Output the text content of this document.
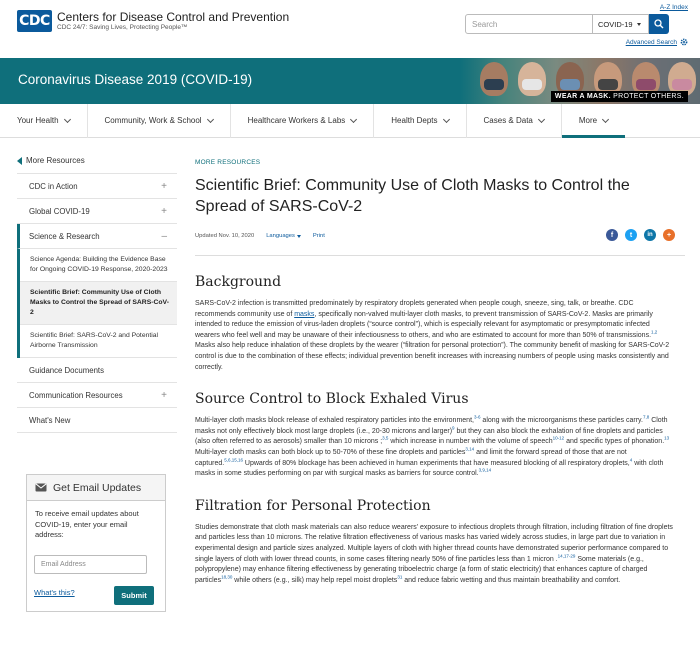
CDC Centers for Disease Control and Prevention
CDC 24/7: Saving Lives, Protecting People™
A-Z Index
Search	COVID-19
Advanced Search
Coronavirus Disease 2019 (COVID-19)
WEAR A MASK. PROTECT OTHERS.
Your Health	Community, Work & School	Healthcare Workers & Labs	Health Depts	Cases & Data	More
More Resources
CDC in Action	+
Global COVID-19	+
Science & Research	–
Science Agenda: Building the Evidence Base for Ongoing COVID-19 Response, 2020-2023
Scientific Brief: Community Use of Cloth Masks to Control the Spread of SARS-CoV-2
Scientific Brief: SARS-CoV-2 and Potential Airborne Transmission
Guidance Documents
Communication Resources	+
What's New
Get Email Updates
To receive email updates about COVID-19, enter your email address:
Email Address
What's this?	Submit
MORE RESOURCES
Scientific Brief: Community Use of Cloth Masks to Control the Spread of SARS-CoV-2
Updated Nov. 10, 2020 Languages	Print	f	t	in	+
Background

SARS-CoV-2 infection is transmitted predominately by respiratory droplets generated when people cough, sneeze, sing, talk, or breathe. CDC recommends community use of masks, specifically non-valved multi-layer cloth masks, to prevent transmission of SARS-CoV-2. Masks are primarily intended to reduce the emission of virus-laden droplets (“source control”), which is especially relevant for asymptomatic or presymptomatic infected wearers who feel well and may be unaware of their infectiousness to others, and who are estimated to account for more than 50% of transmissions.$^{1,2}$ Masks also help reduce inhalation of these droplets by the wearer (“filtration for personal protection”). The community benefit of masking for SARS-CoV-2 control is due to the combination of these effects; individual prevention benefit increases with increasing numbers of people using masks consistently and correctly.

Source Control to Block Exhaled Virus

Multi-layer cloth masks block release of exhaled respiratory particles into the environment,$^{3-6}$ along with the microorganisms these particles carry.$^{7,8}$ Cloth masks not only effectively block most large droplets (i.e., 20-30 microns and larger)$^9$ but they can also block the exhalation of fine droplets and particles (also often referred to as aerosols) smaller than 10 microns ;$^{3,5}$ which increase in number with the volume of speech$^{10-12}$ and specific types of phonation.$^{13}$ Multi-layer cloth masks can both block up to 50-70% of these fine droplets and particles$^{3,14}$ and limit the forward spread of those that are not captured.$^{5,6,15,16}$ Upwards of 80% blockage has been achieved in human experiments that have measured blocking of all respiratory droplets,$^4$ with cloth masks in some studies performing on par with surgical masks as barriers for source control.$^{3,9,14}$

Filtration for Personal Protection

Studies demonstrate that cloth mask materials can also reduce wearers’ exposure to infectious droplets through filtration, including filtration of fine droplets and particles less than 10 microns. The relative filtration effectiveness of various masks has varied widely across studies, in large part due to variation in experimental design and particle sizes analyzed. Multiple layers of cloth with higher thread counts have demonstrated superior performance compared to single layers of cloth with lower thread counts, in some cases filtering nearly 50% of fine particles less than 1 micron .$^{14,17-29}$ Some materials (e.g., polypropylene) may enhance filtering effectiveness by generating triboelectric charge (a form of static electricity) that enhances capture of charged particles$^{18,30}$ while others (e.g., silk) may help repel moist droplets$^{31}$ and reduce fabric wetting and thus maintain breathability and comfort.
